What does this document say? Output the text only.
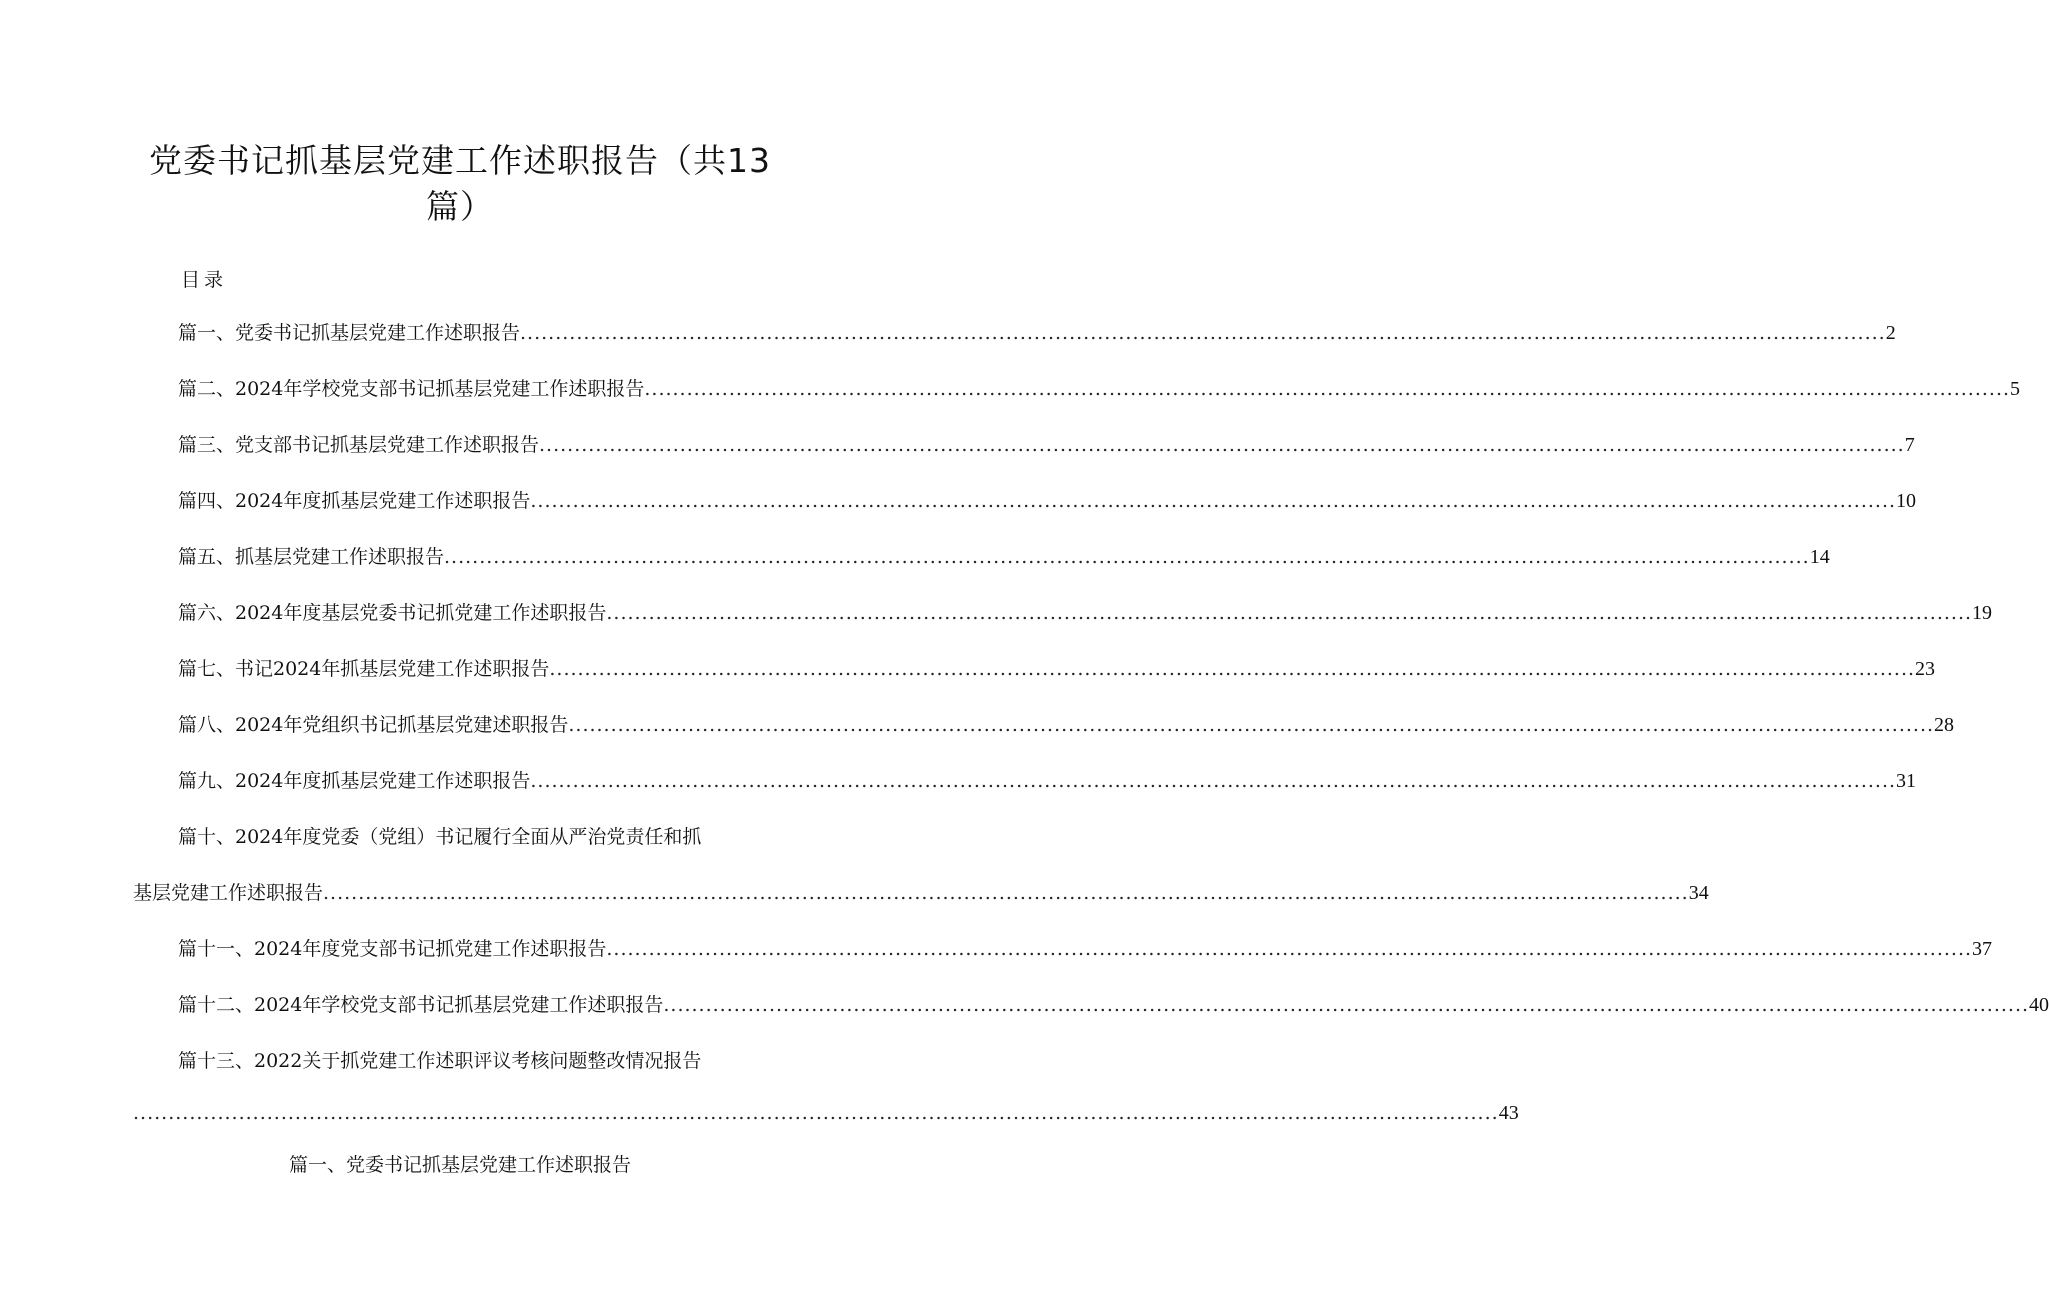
党委书记抓基层党建工作述职报告（共13
篇）
目录
篇一、党委书记抓基层党建工作述职报告 .................................................................................................................................................................................................. 2
篇二、2024年学校党支部书记抓基层党建工作述职报告 .................................................................................................................................................................................................. 5
篇三、党支部书记抓基层党建工作述职报告 .................................................................................................................................................................................................. 7
篇四、2024年度抓基层党建工作述职报告 .................................................................................................................................................................................................. 10
篇五、抓基层党建工作述职报告 .................................................................................................................................................................................................. 14
篇六、2024年度基层党委书记抓党建工作述职报告 .................................................................................................................................................................................................. 19
篇七、书记2024年抓基层党建工作述职报告 .................................................................................................................................................................................................. 23
篇八、2024年党组织书记抓基层党建述职报告 .................................................................................................................................................................................................. 28
篇九、2024年度抓基层党建工作述职报告 .................................................................................................................................................................................................. 31
篇十、2024年度党委（党组）书记履行全面从严治党责任和抓
基层党建工作述职报告 .................................................................................................................................................................................................. 34
篇十一、2024年度党支部书记抓党建工作述职报告 .................................................................................................................................................................................................. 37
篇十二、2024年学校党支部书记抓基层党建工作述职报告 .................................................................................................................................................................................................. 40
篇十三、2022关于抓党建工作述职评议考核问题整改情况报告
.................................................................................................................................................................................................. 43
篇一、党委书记抓基层党建工作述职报告
